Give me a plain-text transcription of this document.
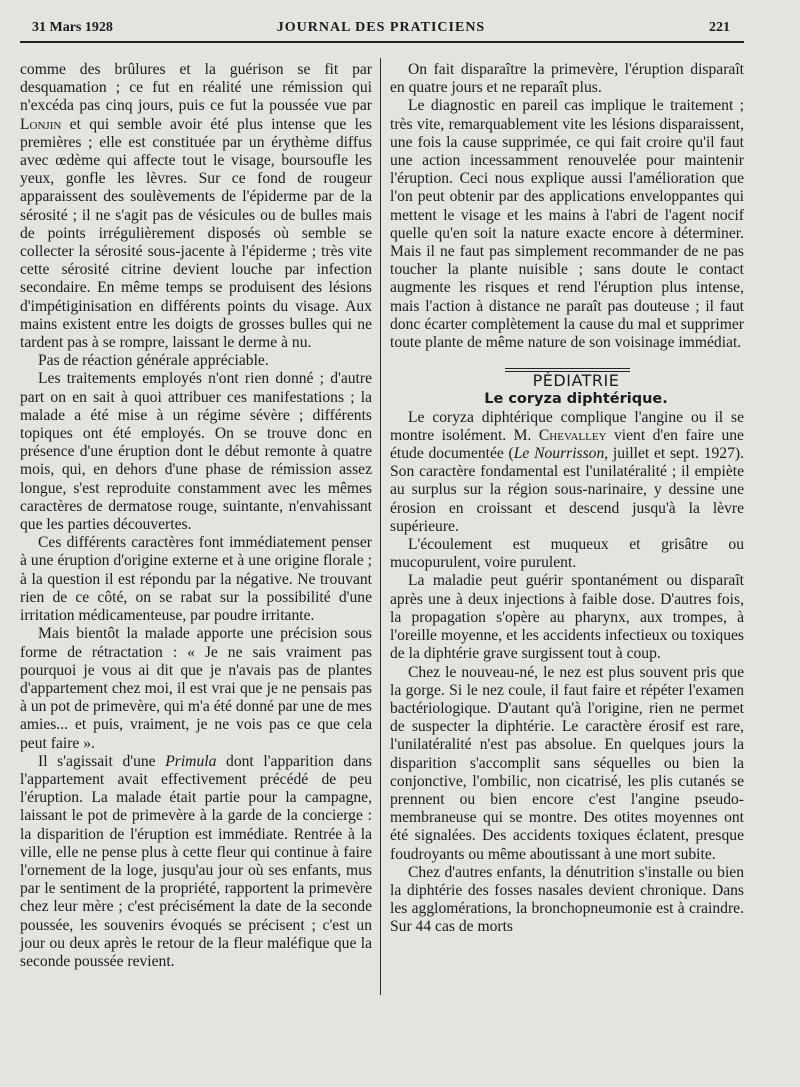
31 Mars 1928	JOURNAL DES PRATICIENS	221

comme des brûlures et la guérison se fit par desquamation ; ce fut en réalité une rémission qui n'excéda pas cinq jours, puis ce fut la poussée vue par Lonjin et qui semble avoir été plus intense que les premières ; elle est constituée par un érythème diffus avec œdème qui affecte tout le visage, boursoufle les yeux, gonfle les lèvres. Sur ce fond de rougeur apparaissent des soulèvements de l'épiderme par de la sérosité ; il ne s'agit pas de vésicules ou de bulles mais de points irrégulièrement disposés où semble se collecter la sérosité sous-jacente à l'épiderme ; très vite cette sérosité citrine devient louche par infection secondaire. En même temps se produisent des lésions d'impétiginisation en différents points du visage. Aux mains existent entre les doigts de grosses bulles qui ne tardent pas à se rompre, laissant le derme à nu.

Pas de réaction générale appréciable.

Les traitements employés n'ont rien donné ; d'autre part on en sait à quoi attribuer ces manifestations ; la malade a été mise à un régime sévère ; différents topiques ont été employés. On se trouve donc en présence d'une éruption dont le début remonte à quatre mois, qui, en dehors d'une phase de rémission assez longue, s'est reproduite constamment avec les mêmes caractères de dermatose rouge, suintante, n'envahissant que les parties découvertes.

Ces différents caractères font immédiatement penser à une éruption d'origine externe et à une origine florale ; à la question il est répondu par la négative. Ne trouvant rien de ce côté, on se rabat sur la possibilité d'une irritation médicamenteuse, par poudre irritante.

Mais bientôt la malade apporte une précision sous forme de rétractation : « Je ne sais vraiment pas pourquoi je vous ai dit que je n'avais pas de plantes d'appartement chez moi, il est vrai que je ne pensais pas à un pot de primevère, qui m'a été donné par une de mes amies... et puis, vraiment, je ne vois pas ce que cela peut faire ».

Il s'agissait d'une Primula dont l'apparition dans l'appartement avait effectivement précédé de peu l'éruption. La malade était partie pour la campagne, laissant le pot de primevère à la garde de la concierge : la disparition de l'éruption est immédiate. Rentrée à la ville, elle ne pense plus à cette fleur qui continue à faire l'ornement de la loge, jusqu'au jour où ses enfants, mus par le sentiment de la propriété, rapportent la primevère chez leur mère ; c'est précisément la date de la seconde poussée, les souvenirs évoqués se précisent ; c'est un jour ou deux après le retour de la fleur maléfique que la seconde poussée revient.

On fait disparaître la primevère, l'éruption disparaît en quatre jours et ne reparaît plus.

Le diagnostic en pareil cas implique le traitement ; très vite, remarquablement vite les lésions disparaissent, une fois la cause supprimée, ce qui fait croire qu'il faut une action incessamment renouvelée pour maintenir l'éruption. Ceci nous explique aussi l'amélioration que l'on peut obtenir par des applications enveloppantes qui mettent le visage et les mains à l'abri de l'agent nocif quelle qu'en soit la nature exacte encore à déterminer. Mais il ne faut pas simplement recommander de ne pas toucher la plante nuisible ; sans doute le contact augmente les risques et rend l'éruption plus intense, mais l'action à distance ne paraît pas douteuse ; il faut donc écarter complètement la cause du mal et supprimer toute plante de même nature de son voisinage immédiat.

PÉDIATRIE

Le coryza diphtérique.

Le coryza diphtérique complique l'angine ou il se montre isolément. M. Chevalley vient d'en faire une étude documentée (Le Nourrisson, juillet et sept. 1927). Son caractère fondamental est l'unilatéralité ; il empiète au surplus sur la région sous-narinaire, y dessine une érosion en croissant et descend jusqu'à la lèvre supérieure.

L'écoulement est muqueux et grisâtre ou mucopurulent, voire purulent.

La maladie peut guérir spontanément ou disparaît après une à deux injections à faible dose. D'autres fois, la propagation s'opère au pharynx, aux trompes, à l'oreille moyenne, et les accidents infectieux ou toxiques de la diphtérie grave surgissent tout à coup.

Chez le nouveau-né, le nez est plus souvent pris que la gorge. Si le nez coule, il faut faire et répéter l'examen bactériologique. D'autant qu'à l'origine, rien ne permet de suspecter la diphtérie. Le caractère érosif est rare, l'unilatéralité n'est pas absolue. En quelques jours la disparition s'accomplit sans séquelles ou bien la conjonctive, l'ombilic, non cicatrisé, les plis cutanés se prennent ou bien encore c'est l'angine pseudo-membraneuse qui se montre. Des otites moyennes ont été signalées. Des accidents toxiques éclatent, presque foudroyants ou même aboutissant à une mort subite.

Chez d'autres enfants, la dénutrition s'installe ou bien la diphtérie des fosses nasales devient chronique. Dans les agglomérations, la bronchopneumonie est à craindre. Sur 44 cas de morts
